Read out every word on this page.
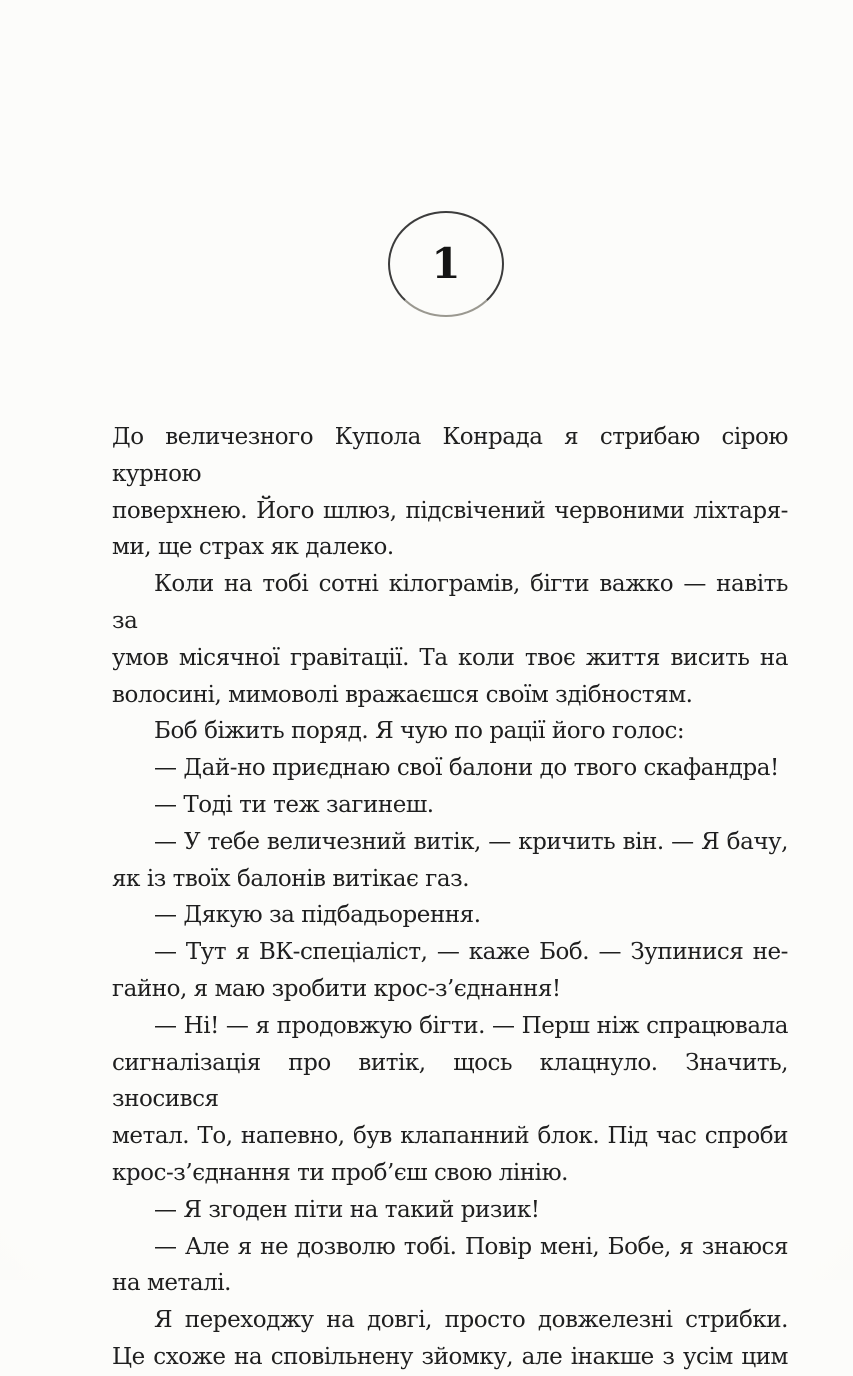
1
До величезного Купола Конрада я стрибаю сірою курною
поверхнею. Його шлюз, підсвічений червоними ліхтаря-
ми, ще страх як далеко.
Коли на тобі сотні кілограмів, бігти важко — навіть за
умов місячної гравітації. Та коли твоє життя висить на
волосині, мимоволі вражаєшся своїм здібностям.
Боб біжить поряд. Я чую по рації його голос:
— Дай-но приєднаю свої балони до твого скафандра!
— Тоді ти теж загинеш.
— У тебе величезний витік, — кричить він. — Я бачу,
як із твоїх балонів витікає газ.
— Дякую за підбадьорення.
— Тут я ВК-спеціаліст, — каже Боб. — Зупинися не-
гайно, я маю зробити крос-з’єднання!
— Ні! — я продовжую бігти. — Перш ніж спрацювала
сигналізація про витік, щось клацнуло. Значить, зносився
метал. То, напевно, був клапанний блок. Під час спроби
крос-з’єднання ти проб’єш свою лінію.
— Я згоден піти на такий ризик!
— Але я не дозволю тобі. Повір мені, Бобе, я знаюся
на металі.
Я переходжу на довгі, просто довжелезні стрибки.
Це схоже на сповільнену зйомку, але інакше з усім цим
